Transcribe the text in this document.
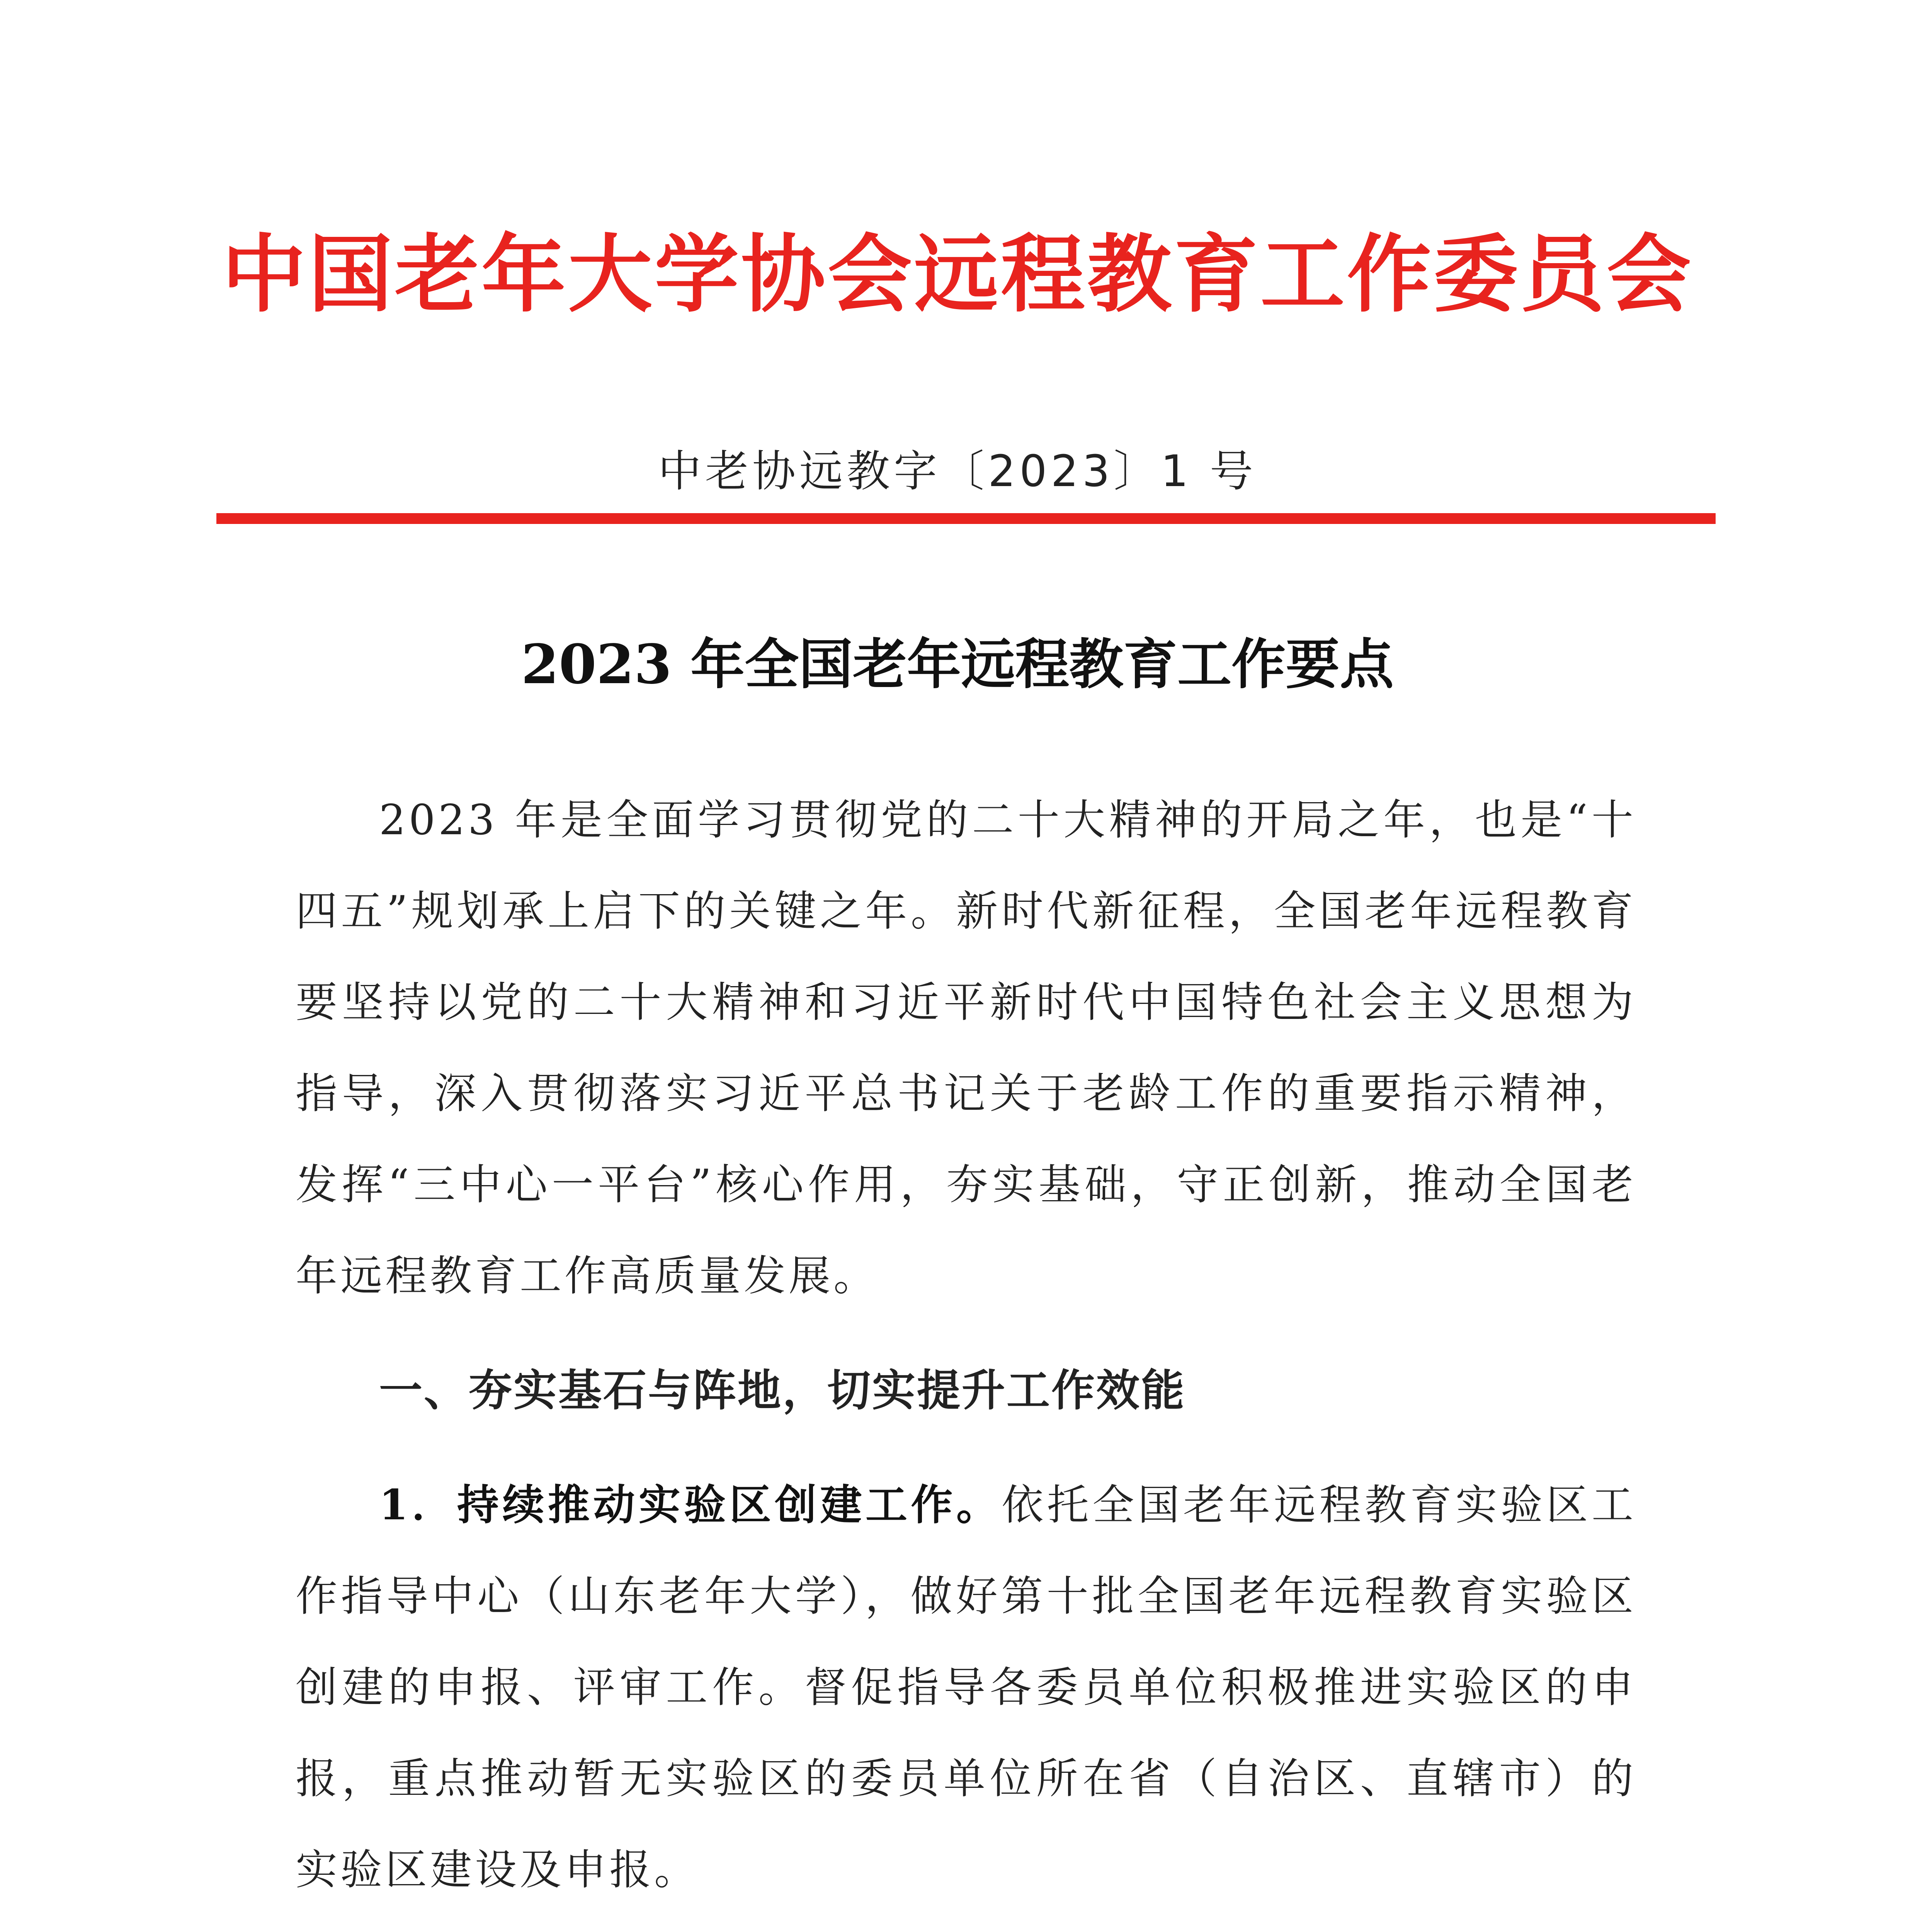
中国老年大学协会远程教育工作委员会
中老协远教字〔2023〕1 号
2023 年全国老年远程教育工作要点

2023 年是全面学习贯彻党的二十大精神的开局之年，也是“十四五”规划承上启下的关键之年。新时代新征程，全国老年远程教育要坚持以党的二十大精神和习近平新时代中国特色社会主义思想为指导，深入贯彻落实习近平总书记关于老龄工作的重要指示精神，发挥“三中心一平台”核心作用，夯实基础，守正创新，推动全国老年远程教育工作高质量发展。

一、夯实基石与阵地，切实提升工作效能

1．持续推动实验区创建工作。依托全国老年远程教育实验区工作指导中心（山东老年大学），做好第十批全国老年远程教育实验区创建的申报、评审工作。督促指导各委员单位积极推进实验区的申报，重点推动暂无实验区的委员单位所在省（自治区、直辖市）的实验区建设及申报。
